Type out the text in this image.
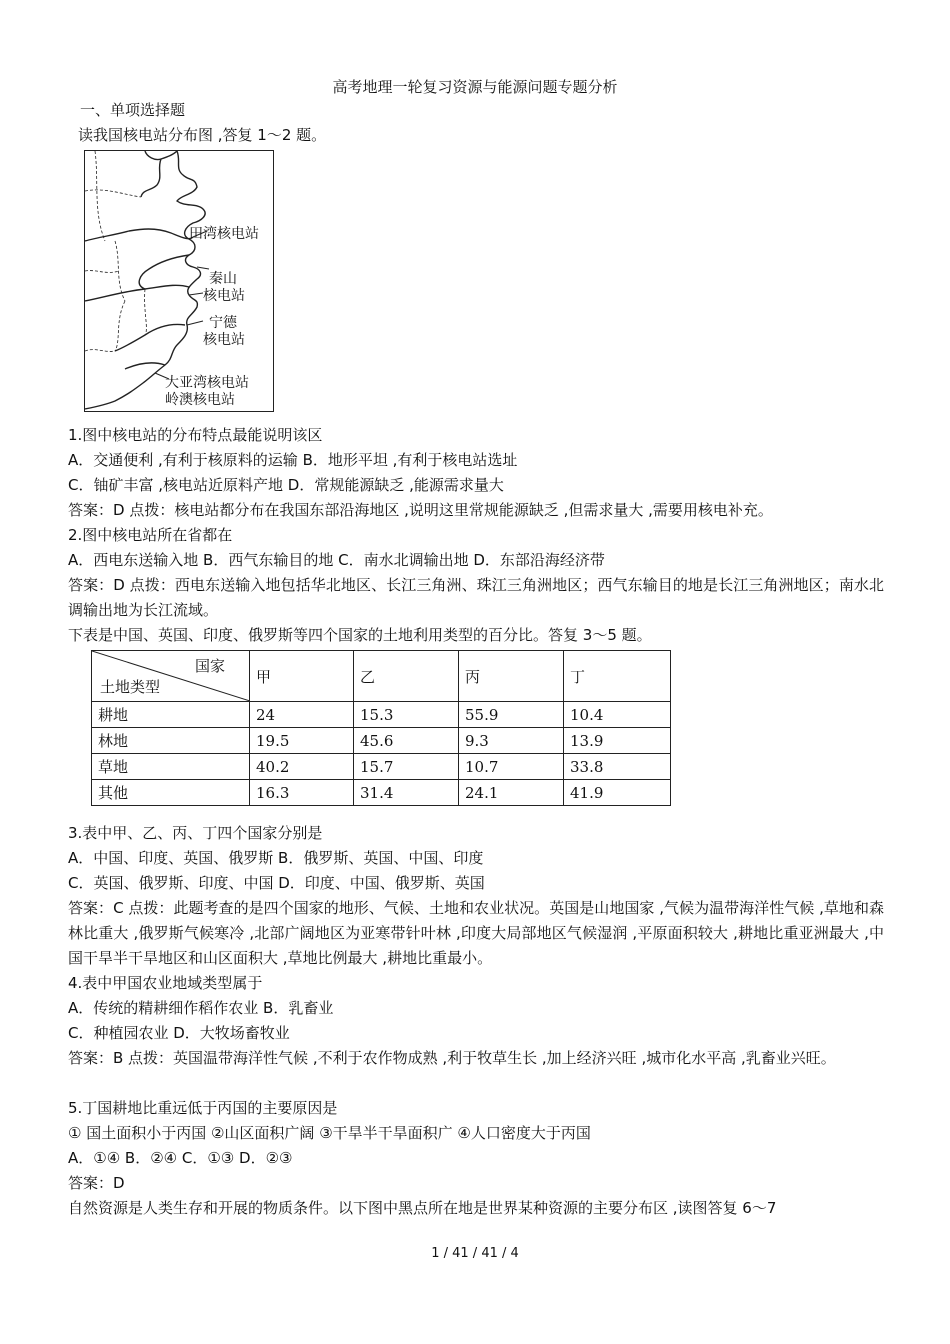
高考地理一轮复习资源与能源问题专题分析
一、单项选择题
读我国核电站分布图 ,答复 1～2 题。
田湾核电站
秦山
核电站
宁德
核电站
大亚湾核电站
岭澳核电站
1.图中核电站的分布特点最能说明该区
A．交通便利 ,有利于核原料的运输 B．地形平坦 ,有利于核电站选址
C．铀矿丰富 ,核电站近原料产地 D．常规能源缺乏 ,能源需求量大
答案：D 点拨：核电站都分布在我国东部沿海地区 ,说明这里常规能源缺乏 ,但需求量大 ,需要用核电补充。
2.图中核电站所在省都在
A．西电东送输入地 B．西气东输目的地 C．南水北调输出地 D．东部沿海经济带
答案：D 点拨：西电东送输入地包括华北地区、长江三角洲、珠江三角洲地区；西气东输目的地是长江三角洲地区；南水北调输出地为长江流域。
下表是中国、英国、印度、俄罗斯等四个国家的土地利用类型的百分比。答复 3～5 题。
国家
土地类型	甲	乙	丙	丁
耕地	24	15.3	55.9	10.4
林地	19.5	45.6	9.3	13.9
草地	40.2	15.7	10.7	33.8
其他	16.3	31.4	24.1	41.9
3.表中甲、乙、丙、丁四个国家分别是
A．中国、印度、英国、俄罗斯 B．俄罗斯、英国、中国、印度
C．英国、俄罗斯、印度、中国 D．印度、中国、俄罗斯、英国
答案：C 点拨：此题考查的是四个国家的地形、气候、土地和农业状况。英国是山地国家 ,气候为温带海洋性气候 ,草地和森林比重大 ,俄罗斯气候寒冷 ,北部广阔地区为亚寒带针叶林 ,印度大局部地区气候湿润 ,平原面积较大 ,耕地比重亚洲最大 ,中国干旱半干旱地区和山区面积大 ,草地比例最大 ,耕地比重最小。
4.表中甲国农业地域类型属于
A．传统的精耕细作稻作农业 B．乳畜业
C．种植园农业 D．大牧场畜牧业
答案：B 点拨：英国温带海洋性气候 ,不利于农作物成熟 ,利于牧草生长 ,加上经济兴旺 ,城市化水平高 ,乳畜业兴旺。
5.丁国耕地比重远低于丙国的主要原因是
① 国土面积小于丙国 ②山区面积广阔 ③干旱半干旱面积广 ④人口密度大于丙国
A．①④ B．②④ C．①③ D．②③
答案：D
自然资源是人类生存和开展的物质条件。以下图中黑点所在地是世界某种资源的主要分布区 ,读图答复 6～7
1 / 41 / 41 / 4
